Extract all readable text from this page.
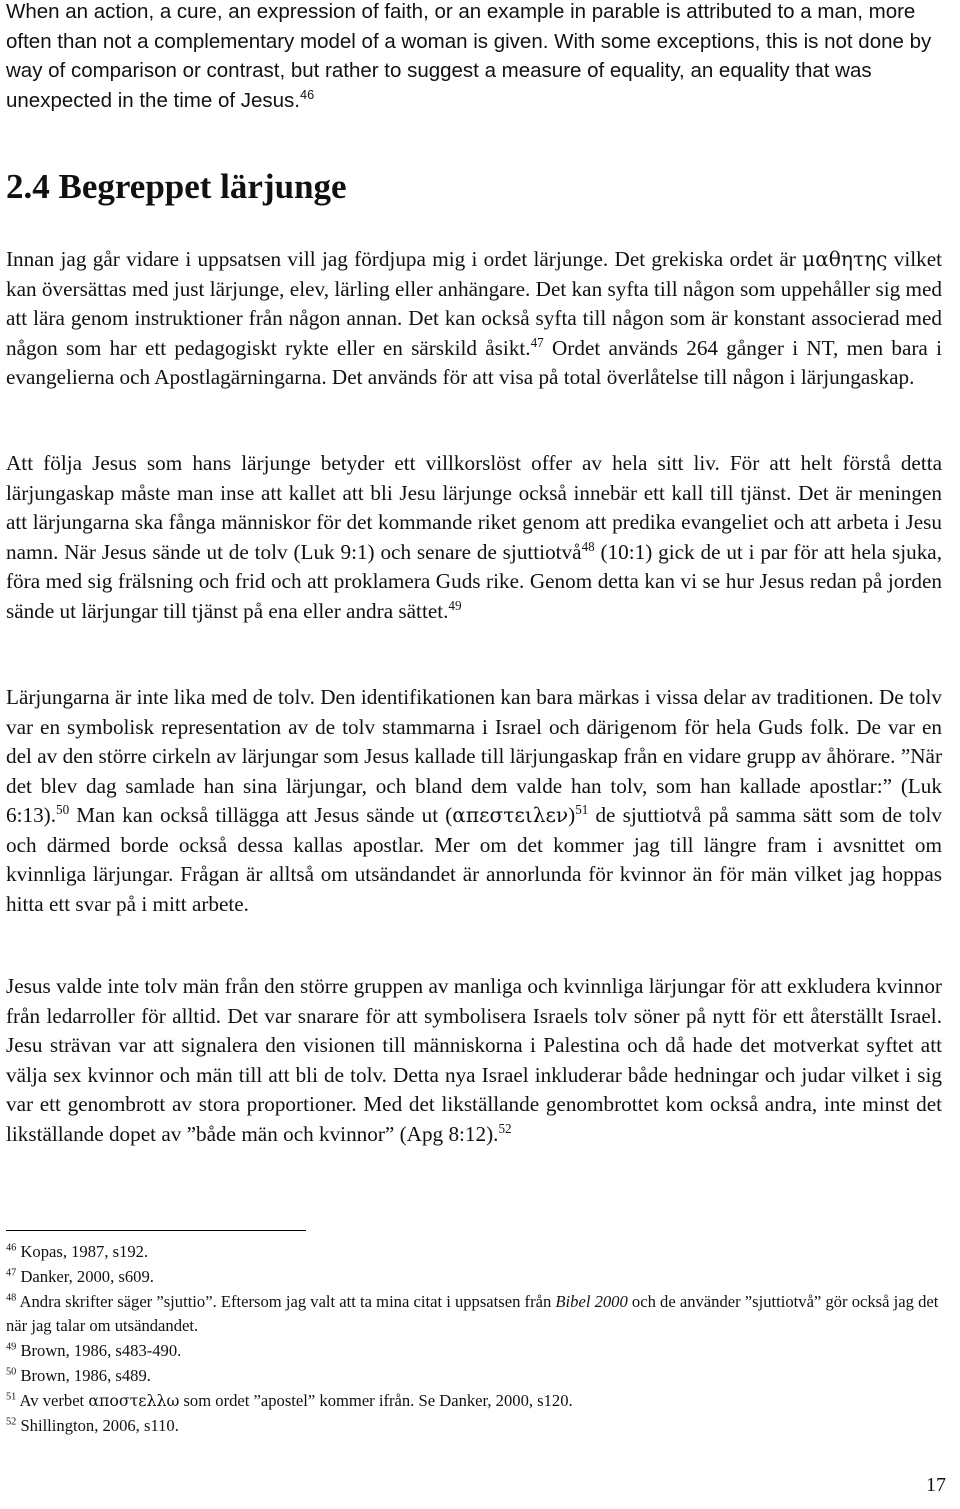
When an action, a cure, an expression of faith, or an example in parable is attributed to a man, more often than not a complementary model of a woman is given. With some exceptions, this is not done by way of comparison or contrast, but rather to suggest a measure of equality, an equality that was unexpected in the time of Jesus.$^{46}$

2.4 Begreppet lärjunge

Innan jag går vidare i uppsatsen vill jag fördjupa mig i ordet lärjunge. Det grekiska ordet är μαθητης vilket kan översättas med just lärjunge, elev, lärling eller anhängare. Det kan syfta till någon som uppehåller sig med att lära genom instruktioner från någon annan. Det kan också syfta till någon som är konstant associerad med någon som har ett pedagogiskt rykte eller en särskild åsikt.$^{47}$ Ordet används 264 gånger i NT, men bara i evangelierna och Apostlagärningarna. Det används för att visa på total överlåtelse till någon i lärjungaskap.

Att följa Jesus som hans lärjunge betyder ett villkorslöst offer av hela sitt liv. För att helt förstå detta lärjungaskap måste man inse att kallet att bli Jesu lärjunge också innebär ett kall till tjänst. Det är meningen att lärjungarna ska fånga människor för det kommande riket genom att predika evangeliet och att arbeta i Jesu namn. När Jesus sände ut de tolv (Luk 9:1) och senare de sjuttiotvå$^{48}$ (10:1) gick de ut i par för att hela sjuka, föra med sig frälsning och frid och att proklamera Guds rike. Genom detta kan vi se hur Jesus redan på jorden sände ut lärjungar till tjänst på ena eller andra sättet.$^{49}$

Lärjungarna är inte lika med de tolv. Den identifikationen kan bara märkas i vissa delar av traditionen. De tolv var en symbolisk representation av de tolv stammarna i Israel och därigenom för hela Guds folk. De var en del av den större cirkeln av lärjungar som Jesus kallade till lärjungaskap från en vidare grupp av åhörare. ”När det blev dag samlade han sina lärjungar, och bland dem valde han tolv, som han kallade apostlar:” (Luk 6:13).$^{50}$ Man kan också tillägga att Jesus sände ut $(\alpha\pi\varepsilon\sigma\tau\varepsilon\iota\lambda\varepsilon\nu)^{51}$ de sjuttiotvå på samma sätt som de tolv och därmed borde också dessa kallas apostlar. Mer om det kommer jag till längre fram i avsnittet om kvinnliga lärjungar. Frågan är alltså om utsändandet är annorlunda för kvinnor än för män vilket jag hoppas hitta ett svar på i mitt arbete.

Jesus valde inte tolv män från den större gruppen av manliga och kvinnliga lärjungar för att exkludera kvinnor från ledarroller för alltid. Det var snarare för att symbolisera Israels tolv söner på nytt för ett återställt Israel. Jesu strävan var att signalera den visionen till människorna i Palestina och då hade det motverkat syftet att välja sex kvinnor och män till att bli de tolv. Detta nya Israel inkluderar både hedningar och judar vilket i sig var ett genombrott av stora proportioner. Med det likställande genombrottet kom också andra, inte minst det likställande dopet av ”både män och kvinnor” (Apg 8:12).$^{52}$

$^{46}$ Kopas, 1987, s192.
$^{47}$ Danker, 2000, s609.
$^{48}$ Andra skrifter säger ”sjuttio”. Eftersom jag valt att ta mina citat i uppsatsen från Bibel 2000 och de använder ”sjuttiotvå” gör också jag det när jag talar om utsändandet.
$^{49}$ Brown, 1986, s483-490.
$^{50}$ Brown, 1986, s489.
$^{51}$ Av verbet αποστελλω som ordet ”apostel” kommer ifrån. Se Danker, 2000, s120.
$^{52}$ Shillington, 2006, s110.
17
